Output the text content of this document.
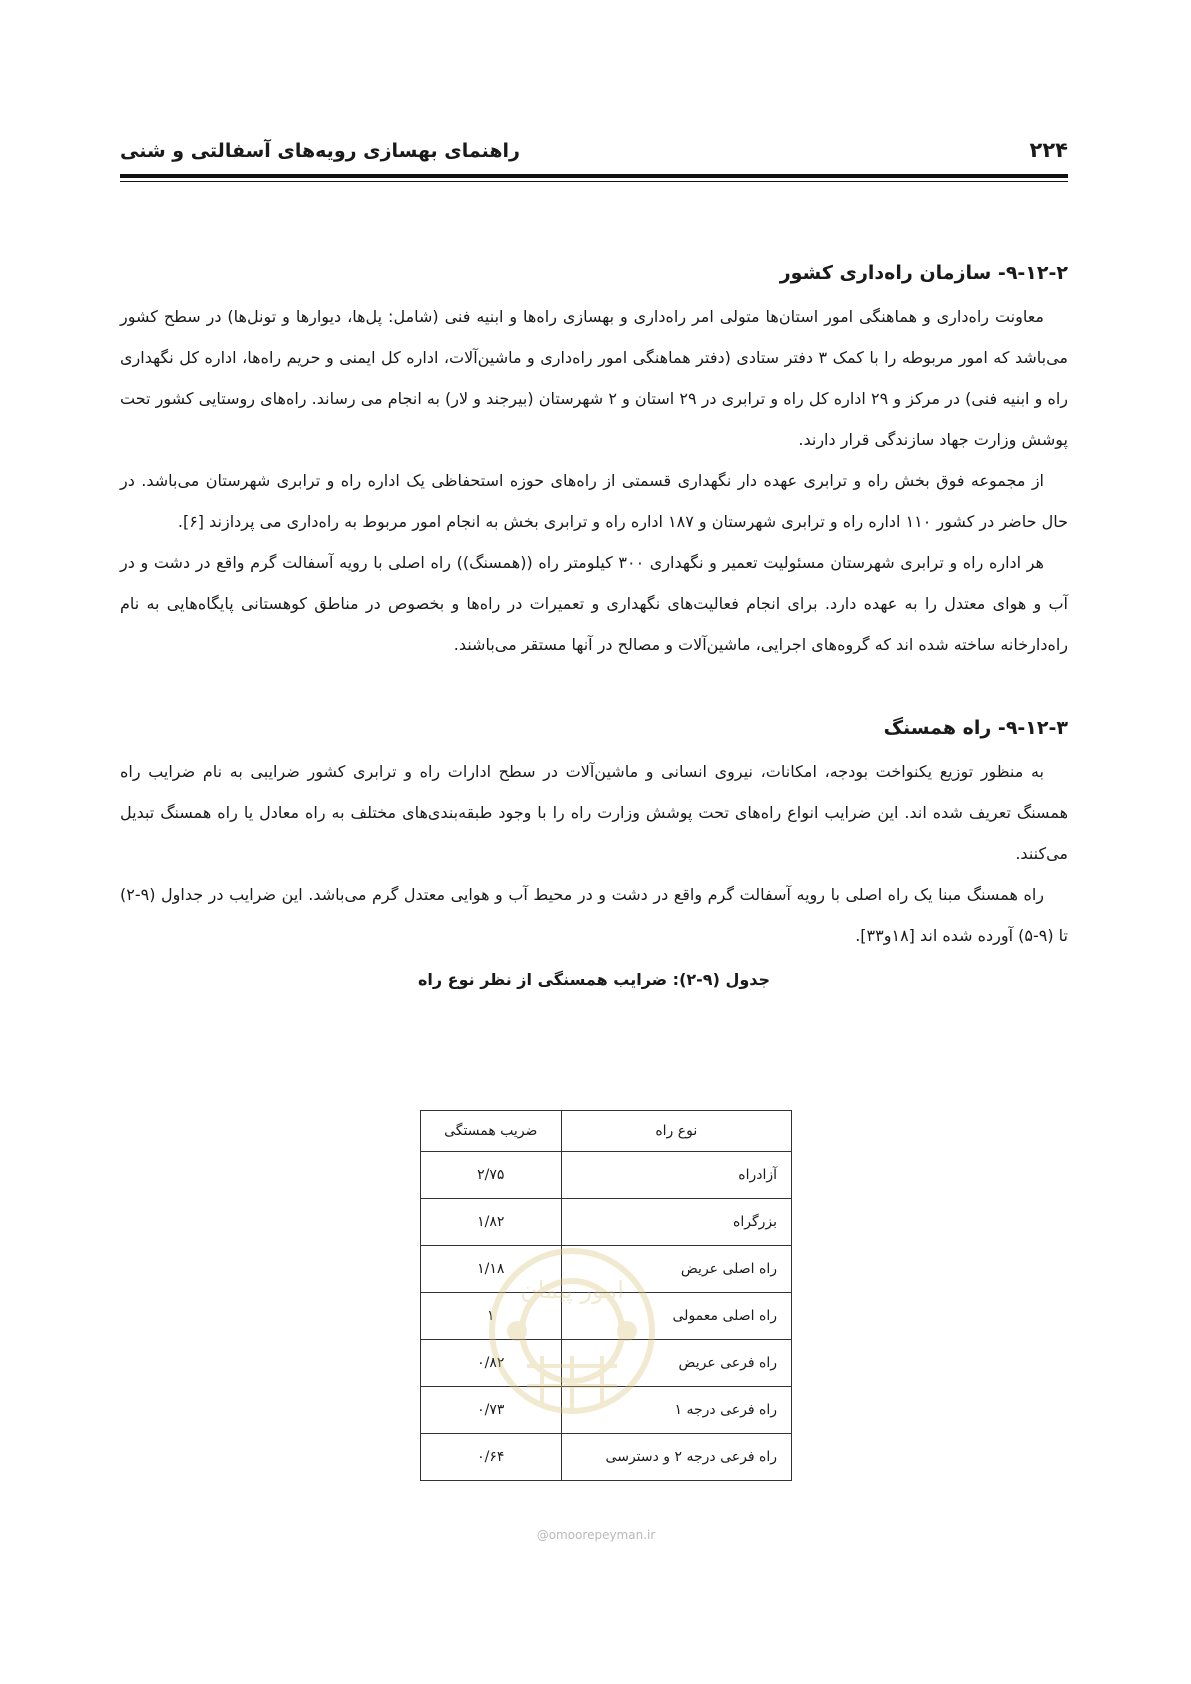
۲۲۴
راهنمای بهسازی رویه‌های آسفالتی و شنی
۹-۱۲-۲- سازمان راه‌داری کشور

معاونت راه‌داری و هماهنگی امور استان‌ها متولی امر راه‌داری و بهسازی راه‌ها و ابنیه فنی (شامل: پل‌ها، دیوارها و تونل‌ها) در سطح کشور می‌باشد که امور مربوطه را با کمک ۳ دفتر ستادی (دفتر هماهنگی امور راه‌داری و ماشین‌آلات، اداره کل ایمنی و حریم راه‌ها، اداره کل نگهداری راه و ابنیه فنی) در مرکز و ۲۹ اداره کل راه و ترابری در ۲۹ استان و ۲ شهرستان (بیرجند و لار) به انجام می رساند. راه‌های روستایی کشور تحت پوشش وزارت جهاد سازندگی قرار دارند.

از مجموعه فوق بخش راه و ترابری عهده دار نگهداری قسمتی از راه‌های حوزه استحفاظی یک اداره راه و ترابری شهرستان می‌باشد. در حال حاضر در کشور ۱۱۰ اداره راه و ترابری شهرستان و ۱۸۷ اداره راه و ترابری بخش به انجام امور مربوط به راه‌داری می پردازند [۶].

هر اداره راه و ترابری شهرستان مسئولیت تعمیر و نگهداری ۳۰۰ کیلومتر راه ((همسنگ)) راه اصلی با رویه آسفالت گرم واقع در دشت و در آب و هوای معتدل را به عهده دارد. برای انجام فعالیت‌های نگهداری و تعمیرات در راه‌ها و بخصوص در مناطق کوهستانی پایگاه‌هایی به نام راه‌دارخانه ساخته شده اند که گروه‌های اجرایی، ماشین‌آلات و مصالح در آنها مستقر می‌باشند.

۹-۱۲-۳- راه همسنگ

به منظور توزیع یکنواخت بودجه، امکانات، نیروی انسانی و ماشین‌آلات در سطح ادارات راه و ترابری کشور ضرایبی به نام ضرایب راه همسنگ تعریف شده اند. این ضرایب انواع راه‌های تحت پوشش وزارت راه را با وجود طبقه‌بندی‌های مختلف به راه معادل یا راه همسنگ تبدیل می‌کنند.

راه همسنگ مبنا یک راه اصلی با رویه آسفالت گرم واقع در دشت و در محیط آب و هوایی معتدل گرم می‌باشد. این ضرایب در جداول (۹-۲) تا (۹-۵) آورده شده اند [۱۸و۳۳].

جدول (۹-۲): ضرایب همسنگی از نظر نوع راه

نوع راه	ضریب همستگی
آزادراه	۲/۷۵
بزرگراه	۱/۸۲
راه اصلی عریض	۱/۱۸
راه اصلی معمولی	۱
راه فرعی عریض	۰/۸۲
راه فرعی درجه ۱	۰/۷۳
راه فرعی درجه ۲ و دسترسی	۰/۶۴
امور پیمان
@omoorepeyman.ir
